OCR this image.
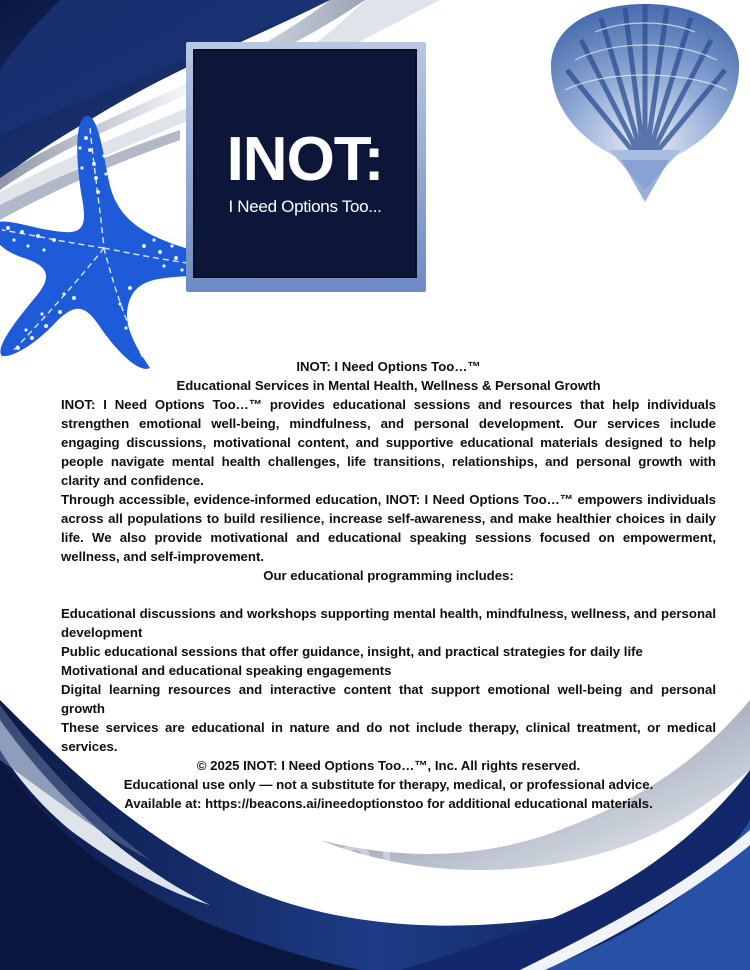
INOT:
I Need Options Too...

INOT: I Need Options Too…™

Educational Services in Mental Health, Wellness & Personal Growth

INOT: I Need Options Too…™ provides educational sessions and resources that help individuals strengthen emotional well-being, mindfulness, and personal development. Our services include engaging discussions, motivational content, and supportive educational materials designed to help people navigate mental health challenges, life transitions, relationships, and personal growth with clarity and confidence.

Through accessible, evidence-informed education, INOT: I Need Options Too…™ empowers individuals across all populations to build resilience, increase self-awareness, and make healthier choices in daily life. We also provide motivational and educational speaking sessions focused on empowerment, wellness, and self-improvement.

Our educational programming includes:

Educational discussions and workshops supporting mental health, mindfulness, wellness, and personal development

Public educational sessions that offer guidance, insight, and practical strategies for daily life

Motivational and educational speaking engagements

Digital learning resources and interactive content that support emotional well-being and personal growth

These services are educational in nature and do not include therapy, clinical treatment, or medical services.

© 2025 INOT: I Need Options Too…™, Inc. All rights reserved.

Educational use only — not a substitute for therapy, medical, or professional advice.

Available at: https://beacons.ai/ineedoptionstoo for additional educational materials.

INOT
I Need Options Too...
